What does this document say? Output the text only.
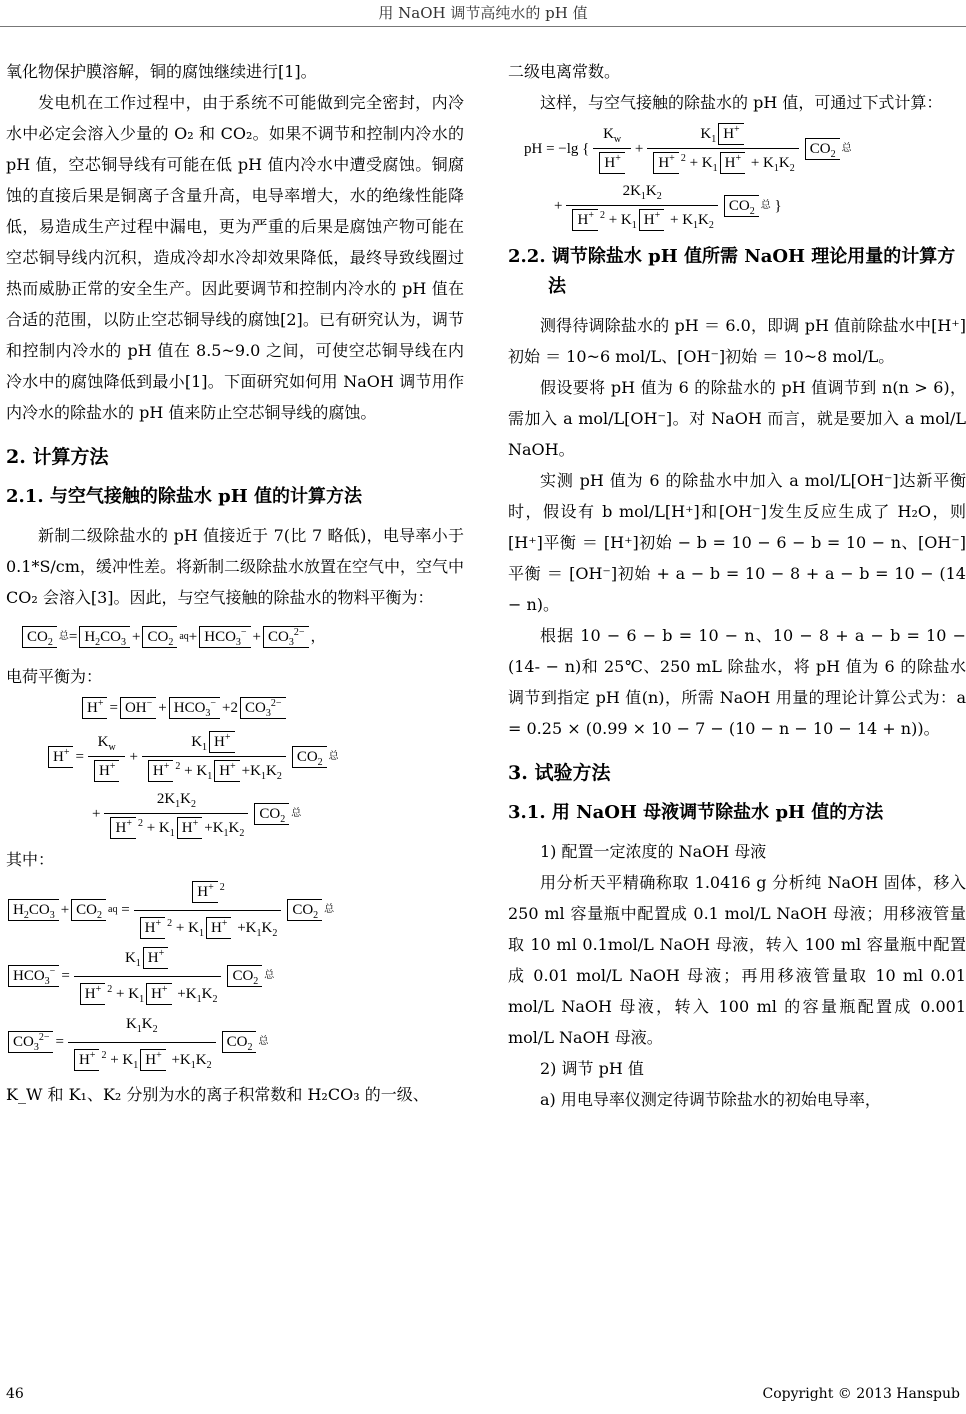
用 NaOH 调节高纯水的 pH 值

氧化物保护膜溶解，铜的腐蚀继续进行[1]。

发电机在工作过程中，由于系统不可能做到完全密封，内冷水中必定会溶入少量的 O₂ 和 CO₂。如果不调节和控制内冷水的 pH 值，空芯铜导线有可能在低 pH 值内冷水中遭受腐蚀。铜腐蚀的直接后果是铜离子含量升高，电导率增大，水的绝缘性能降低，易造成生产过程中漏电，更为严重的后果是腐蚀产物可能在空芯铜导线内沉积，造成冷却水冷却效果降低，最终导致线圈过热而威胁正常的安全生产。因此要调节和控制内冷水的 pH 值在合适的范围，以防止空芯铜导线的腐蚀[2]。已有研究认为，调节和控制内冷水的 pH 值在 8.5~9.0 之间，可使空芯铜导线在内冷水中的腐蚀降低到最小[1]。下面研究如何用 NaOH 调节用作内冷水的除盐水的 pH 值来防止空芯铜导线的腐蚀。

2. 计算方法
2.1. 与空气接触的除盐水 pH 值的计算方法

新制二级除盐水的 pH 值接近于 7(比 7 略低)，电导率小于 0.1*S/cm，缓冲性差。将新制二级除盐水放置在空气中，空气中 CO₂ 会溶入[3]。因此，与空气接触的除盐水的物料平衡为：

$CO_2$
总 = $H_2CO_3 + CO_2$
aq + $HCO_3^- + CO_3^{2-}$ ，

电荷平衡为：

$H^+ = OH^- + HCO_3^- +2$ $CO_3^{2-}$
$H^+ = \frac{K_w}{H^+} + \frac{K_1 H^+}{H^+ ^2 + K_1 H^+ +K_1K_2} CO_2$
总
+
$2K_1K_2$
H+ $^2 + K_1$ $H^+ +K_1K_2$
$CO_2$
总

其中：

$H_2CO_3 + CO_2$
aq =
H+ $^2$
H+ $^2 + K_1$ $H^+ +K_1K_2$
$CO_2$
总
$HCO_3^- = \frac{K_1 H^+}{H^+ ^2 + K_1 H^+ +K_1K_2} CO_2$
总
$CO_3^{2-} = \frac{K_1K_2}{H^+ ^2 + K_1 H^+ +K_1K_2} CO_2$
总

K_W 和 K₁、K₂ 分别为水的离子积常数和 H₂CO₃ 的一级、

二级电离常数。

这样，与空气接触的除盐水的 pH 值，可通过下式计算：

pH = −lg {
$K_w$
H+
+ $\frac{K_1 H^+}{H^+ ^2 + K_1 H^+ + K_1K_2} CO_2$
总
+
$2K_1K_2$
H+ $^2 + K_1$ $H^+ + K_1K_2$
$CO_2$
总 }
2.2. 调节除盐水 pH 值所需 NaOH 理论用量的计算方法

测得待调除盐水的 pH ＝ 6.0，即调 pH 值前除盐水中[H⁺]初始 ＝ 10~6 mol/L、[OH⁻]初始 ＝ 10~8 mol/L。

假设要将 pH 值为 6 的除盐水的 pH 值调节到 n(n > 6)，需加入 a mol/L[OH⁻]。对 NaOH 而言，就是要加入 a mol/L NaOH。

实测 pH 值为 6 的除盐水中加入 a mol/L[OH⁻]达新平衡时，假设有 b mol/L[H⁺]和[OH⁻]发生反应生成了 H₂O，则[H⁺]平衡 ＝ [H⁺]初始 − b = 10 − 6 − b = 10 − n、[OH⁻]平衡 ＝ [OH⁻]初始 + a − b = 10 − 8 + a − b = 10 − (14 − n)。

根据 10 − 6 − b = 10 − n、10 − 8 + a − b = 10 − (14- − n)和 25℃、250 mL 除盐水，将 pH 值为 6 的除盐水调节到指定 pH 值(n)，所需 NaOH 用量的理论计算公式为：a = 0.25 × (0.99 × 10 − 7 − (10 − n − 10 − 14 + n))。

3. 试验方法
3.1. 用 NaOH 母液调节除盐水 pH 值的方法

1) 配置一定浓度的 NaOH 母液

用分析天平精确称取 1.0416 g 分析纯 NaOH 固体，移入 250 ml 容量瓶中配置成 0.1 mol/L NaOH 母液；用移液管量取 10 ml 0.1mol/L NaOH 母液，转入 100 ml 容量瓶中配置成 0.01 mol/L NaOH 母液；再用移液管量取 10 ml 0.01 mol/L NaOH 母液，转入 100 ml 的容量瓶配置成 0.001 mol/L NaOH 母液。

2) 调节 pH 值

a) 用电导率仪测定待调节除盐水的初始电导率，

46	Copyright © 2013 Hanspub
